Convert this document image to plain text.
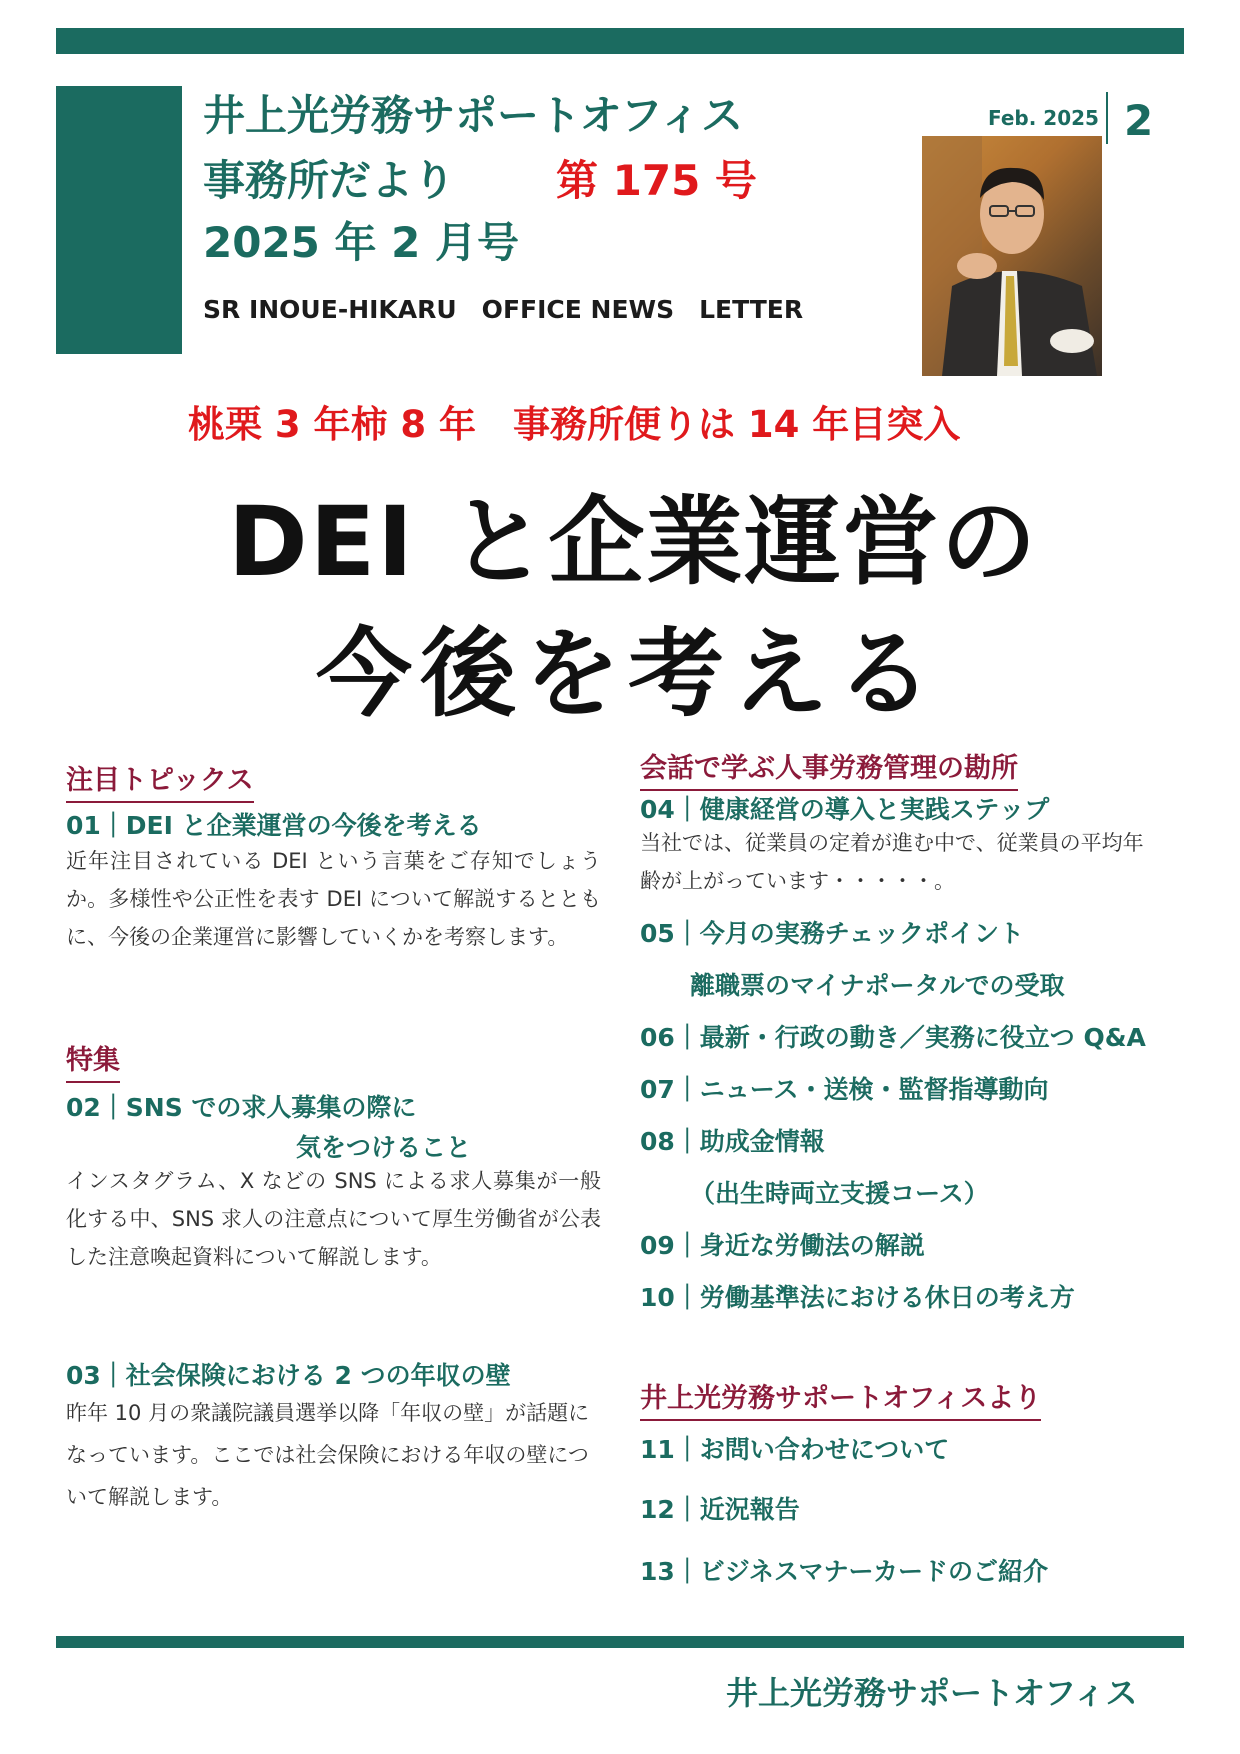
井上光労務サポートオフィス
事務所だより 第 175 号
2025 年 2 月号
SR INOUE-HIKARU　OFFICE NEWS　LETTER
Feb. 2025 2
桃栗 3 年柿 8 年　事務所便りは 14 年目突入
DEI と企業運営の
今後を考える
注目トピックス
01｜DEI と企業運営の今後を考える
近年注目されている DEI という言葉をご存知でしょうか。多様性や公正性を表す DEI について解説するとともに、今後の企業運営に影響していくかを考察します。
特集
02｜SNS での求人募集の際に
気をつけること
インスタグラム、X などの SNS による求人募集が一般化する中、SNS 求人の注意点について厚生労働省が公表した注意喚起資料について解説します。
03｜社会保険における 2 つの年収の壁
昨年 10 月の衆議院議員選挙以降「年収の壁」が話題になっています。ここでは社会保険における年収の壁について解説します。
会話で学ぶ人事労務管理の勘所
04｜健康経営の導入と実践ステップ
当社では、従業員の定着が進む中で、従業員の平均年齢が上がっています・・・・・。
05｜今月の実務チェックポイント
離職票のマイナポータルでの受取
06｜最新・行政の動き／実務に役立つ Q&A
07｜ニュース・送検・監督指導動向
08｜助成金情報
（出生時両立支援コース）
09｜身近な労働法の解説
10｜労働基準法における休日の考え方
井上光労務サポートオフィスより
11｜お問い合わせについて
12｜近況報告
13｜ビジネスマナーカードのご紹介
井上光労務サポートオフィス
